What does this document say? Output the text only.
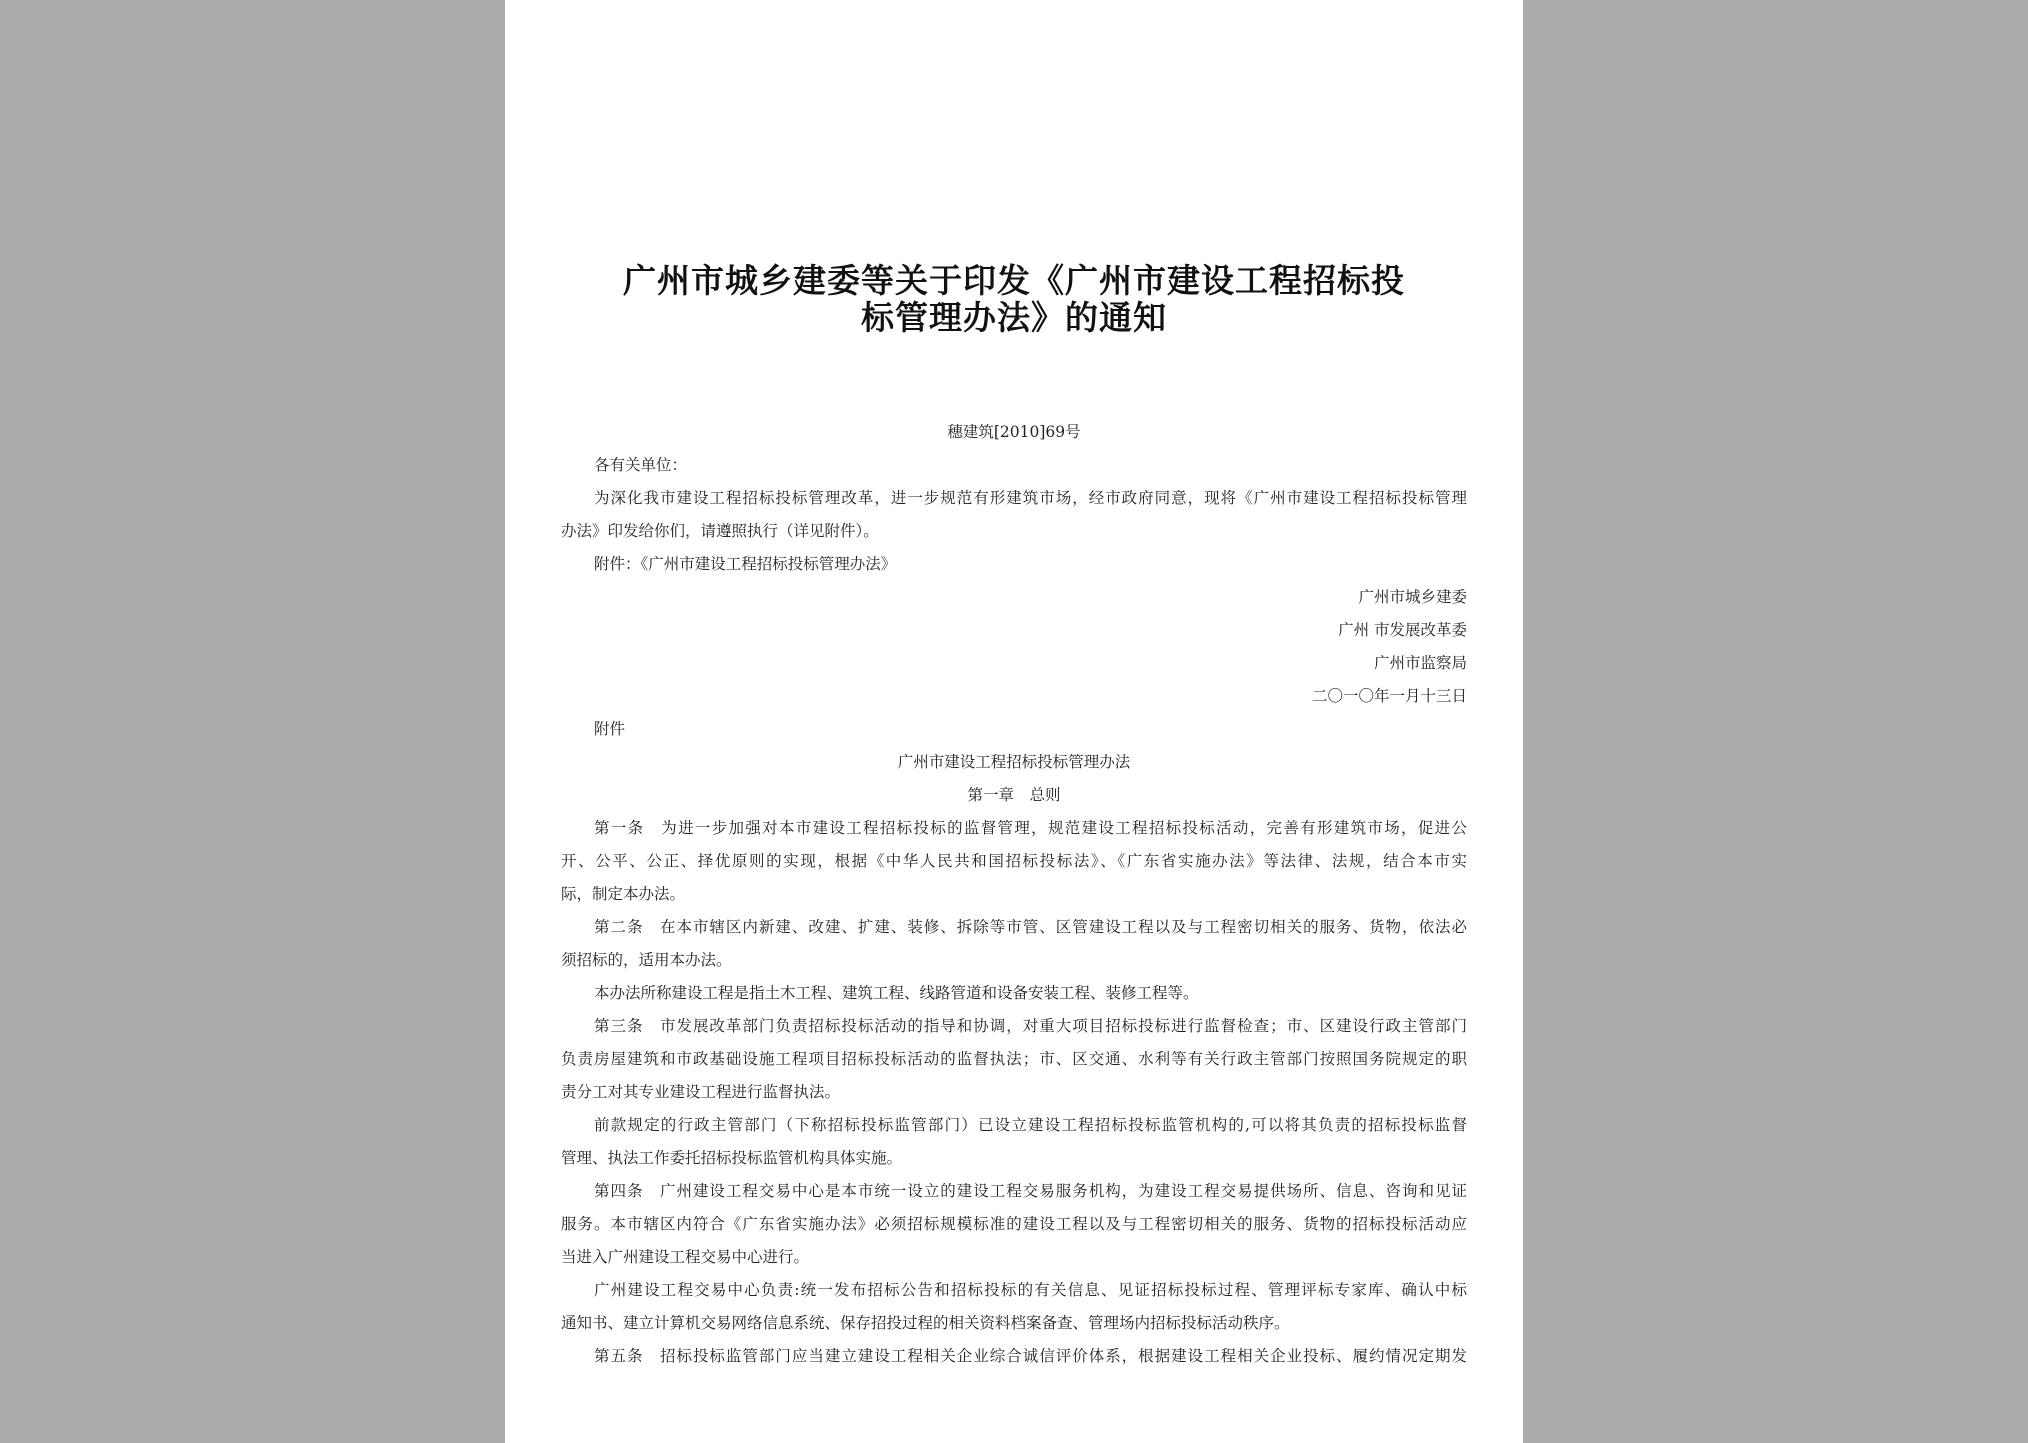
广州市城乡建委等关于印发《广州市建设工程招标投
标管理办法》的通知
穗建筑[2010]69号
各有关单位：
为深化我市建设工程招标投标管理改革，进一步规范有形建筑市场，经市政府同意，现将《广州市建设工程招标投标管理
办法》印发给你们，请遵照执行（详见附件）。
附件：《广州市建设工程招标投标管理办法》
广州市城乡建委
广州 市发展改革委
广州市监察局
二〇一〇年一月十三日
附件
广州市建设工程招标投标管理办法
第一章　总则
第一条　为进一步加强对本市建设工程招标投标的监督管理，规范建设工程招标投标活动，完善有形建筑市场，促进公
开、公平、公正、择优原则的实现，根据《中华人民共和国招标投标法》、《广东省实施办法》等法律、法规，结合本市实
际，制定本办法。
第二条　在本市辖区内新建、改建、扩建、装修、拆除等市管、区管建设工程以及与工程密切相关的服务、货物，依法必
须招标的，适用本办法。
本办法所称建设工程是指土木工程、建筑工程、线路管道和设备安装工程、装修工程等。
第三条　市发展改革部门负责招标投标活动的指导和协调，对重大项目招标投标进行监督检查；市、区建设行政主管部门
负责房屋建筑和市政基础设施工程项目招标投标活动的监督执法；市、区交通、水利等有关行政主管部门按照国务院规定的职
责分工对其专业建设工程进行监督执法。
前款规定的行政主管部门（下称招标投标监管部门）已设立建设工程招标投标监管机构的,可以将其负责的招标投标监督
管理、执法工作委托招标投标监管机构具体实施。
第四条　广州建设工程交易中心是本市统一设立的建设工程交易服务机构，为建设工程交易提供场所、信息、咨询和见证
服务。本市辖区内符合《广东省实施办法》必须招标规模标准的建设工程以及与工程密切相关的服务、货物的招标投标活动应
当进入广州建设工程交易中心进行。
广州建设工程交易中心负责:统一发布招标公告和招标投标的有关信息、见证招标投标过程、管理评标专家库、确认中标
通知书、建立计算机交易网络信息系统、保存招投过程的相关资料档案备查、管理场内招标投标活动秩序。
第五条　招标投标监管部门应当建立建设工程相关企业综合诚信评价体系，根据建设工程相关企业投标、履约情况定期发
